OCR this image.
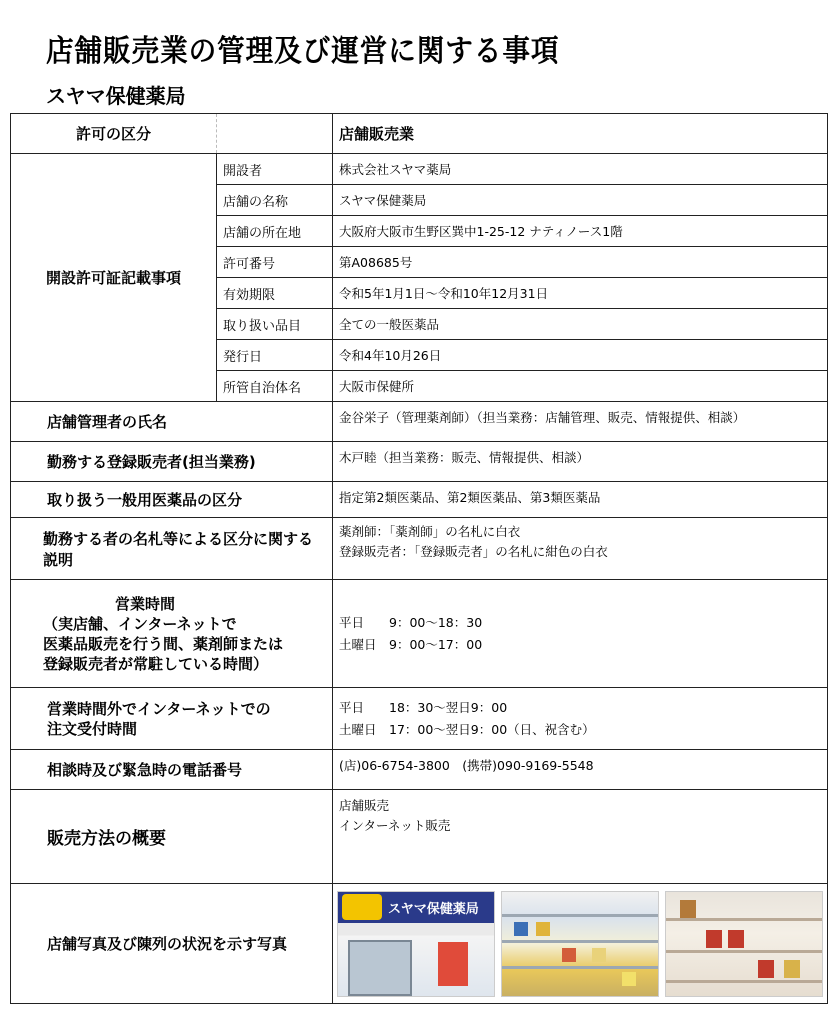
店舗販売業の管理及び運営に関する事項
スヤマ保健薬局
許可の区分		店舗販売業
開設許可証記載事項	開設者	株式会社スヤマ薬局
	店舗の名称	スヤマ保健薬局
	店舗の所在地	大阪府大阪市生野区巽中1-25-12 ナティノース1階
	許可番号	第A08685号
	有効期限	令和5年1月1日～令和10年12月31日
	取り扱い品目	全ての一般医薬品
	発行日	令和4年10月26日
	所管自治体名	大阪市保健所
店舗管理者の氏名		金谷栄子（管理薬剤師）（担当業務：店舗管理、販売、情報提供、相談）
勤務する登録販売者(担当業務)		木戸睦（担当業務：販売、情報提供、相談）
取り扱う一般用医薬品の区分		指定第2類医薬品、第2類医薬品、第3類医薬品
勤務する者の名札等による区分に関する説明		薬剤師：「薬剤師」の名札に白衣
登録販売者：「登録販売者」の名札に紺色の白衣

営業時間
（実店舗、インターネットで
医薬品販売を行う間、薬剤師または
登録販売者が常駐している時間）		平日 9：00～18：30
土曜日 9：00～17：00

営業時間外でインターネットでの
注文受付時間		平日 18：30～翌日9：00
土曜日 17：00～翌日9：00（日、祝含む）

相談時及び緊急時の電話番号		(店)06-6754-3800　(携帯)090-9169-5548
販売方法の概要		店舗販売
インターネット販売

店舗写真及び陳列の状況を示す写真		スヤマ保健薬局
